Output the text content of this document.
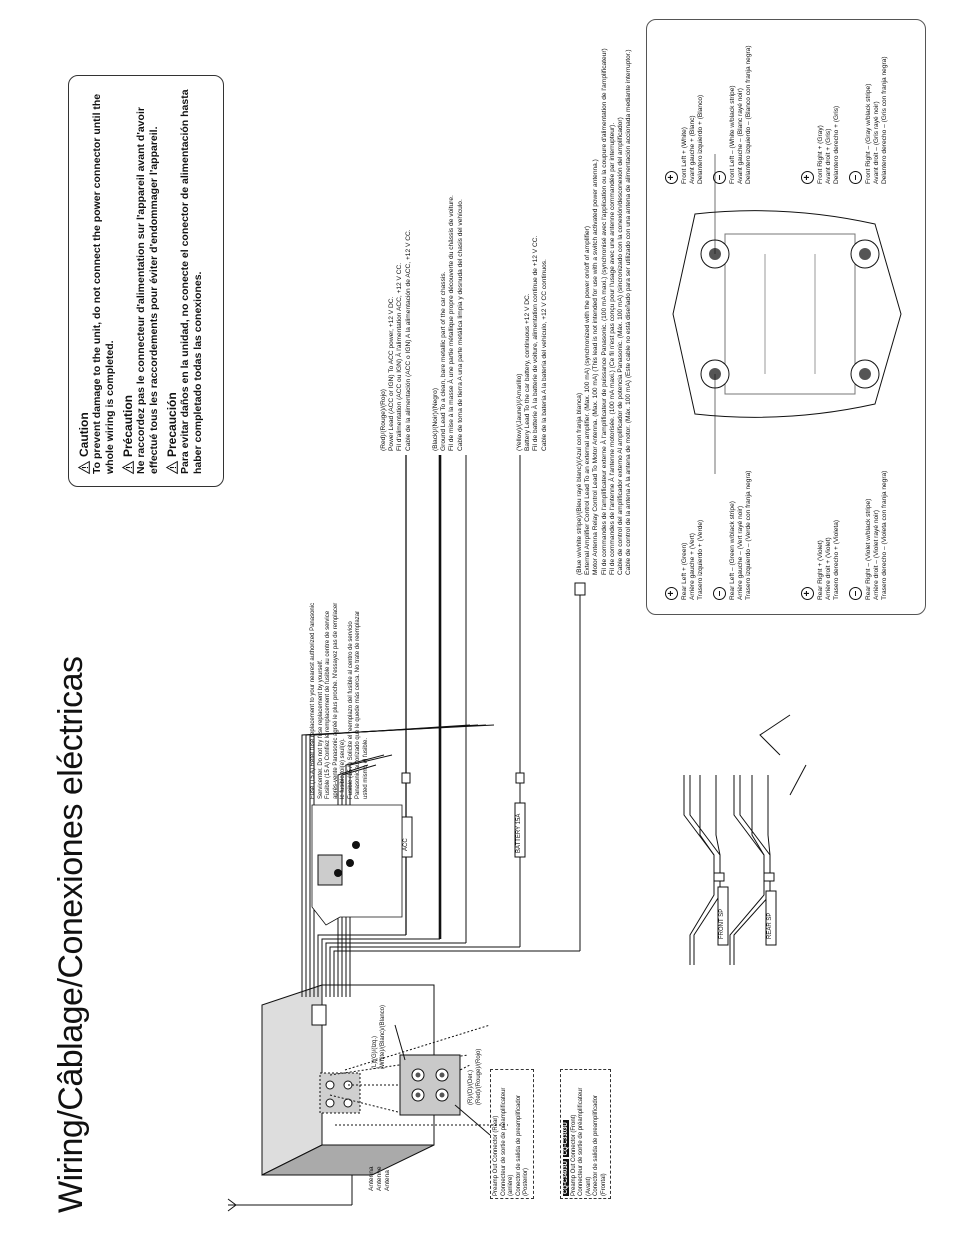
Wiring/Câblage/Conexiones eléctricas
!
Caution To prevent damage to the unit, do not connect the power connector until the whole wiring is completed. !
Précaution Ne raccordez pas le connecteur d'alimentation sur l'appareil avant d'avoir effectué tous les raccordements pour éviter d'endommager l'appareil. !
Precaución Para evitar daños en la unidad, no conecte el conector de alimentación hasta haber completado todas las conexiones.

Antenna Antenne Antena
(L)/(G)/(Izq.) (White)/(Blanc)/(Blanco)
(R)/(D)/(Der.) (Red)/(Rouge)/(Rojo)
Preamp Out Connector (Rear) Connecteur de sortie de préamplificateur (arrière) Conector de salida de preamplificador (Posterior)	CQ-C3403U CQ-C3303U Preamp Out Connector (Front) Connecteur de sortie de préamplificateur (Avant) Conector de salida de preamplificador (Frontal)
Fuse (15 A) Refer fuse replacement to your nearest authorized Panasonic Servicenter. Do not try fuse replacement by yourself. Fusible (15 A) Confiez le remplacement de fusible au centre de service après-vente Panasonic agréé le plus proche. N'essayez pas de remplacer le fusible toi(e) seul(e). Fusible (15 A) Solicite el reemplazo del fusible al centro de servicio Panasonic autorizado que le quede más cerca. No trate de reemplazar usted mismo el fusible.
ACC	BATTERY 15A
FRONT SP	REAR SP
(Red)/(Rouge)/(Rojo) Power Lead (ACC or IGN) To ACC power, +12 V DC. Fil d'alimentation (ACC ou IGN) À l'alimentation ACC, +12 V CC. Cable de la alimentación (ACC o IGN) A la alimentación de ACC, +12 V CC.	(Black)/(Noir)/(Negro) Ground Lead To a clean, bare metallic part of the car chassis. Fil de mise à la masse À une partie métallique propre découverte du châssis de voiture. Cable de toma de tierra A una parte metálica limpia y desnuda del chasis del vehículo.	(Yellow)/(Jaune)/(Amarillo) Battery Lead To the car battery, continuous +12 V DC. Fil de batterie À la batterie de voiture, alimentation continue de +12 V CC. Cable de la batería A la batería del vehículo, +12 V CC continuos.
(Blue w/white stripe)/(Bleu rayé blanc)/(Azul con franja blanca) External Amplifier Control Lead To an external amplifier. (Max. 100 mA) (synchronized with the power on/off of amplifier) Motor Antenna Relay Control Lead To Motor Antenna. (Max. 100 mA) (This lead is not intended for use with a switch activated power antenna.) Fil de commandes de l'amplificateur externe À l'amplificateur de puissance Panasonic. (100 mA maxi.) (synchronisé avec l'application ou la coupure d'alimentation de l'amplificateur) Fil de commandes de l'antenne À l'antenne motorisée. (100 mA maxi.) (Ce fil n'est pas conçu pour l'usage avec une antenne commandée par interrupteur). Cable de control del amplificador externo Al amplificador de potencia Panasonic. (Máx. 100 mA) (sincronizado con la conexión/desconexión del amplificador) Cable de control de la antena A la antena de motor. (Máx. 100 mA) (Este cable no está diseñado para ser utilizado con una antena de alimentación accionada mediante interruptor.)
+ Rear Left + (Green) Arrière gauche + (Vert) Trasero izquierdo + (Verde)	– Rear Left – (Green w/black stripe) Arrière gauche – (Vert rayé noir) Trasero izquierdo – (Verde con franja negra)	+ Rear Right + (Violet) Arrière droit + (Violet) Trasero derecho + (Violeta)	– Rear Right – (Violet w/black stripe) Arrière droit – (Violet rayé noir) Trasero derecho – (Violeta con franja negra)
+ Front Left + (White) Avant gauche + (Blanc) Delantero izquierdo + (Blanco)	– Front Left – (White w/black stripe) Avant gauche – (Blanc rayé noir) Delantero izquierdo – (Blanco con franja negra)	+ Front Right + (Gray) Avant droit + (Gris) Delantero derecho + (Gris)	– Front Right – (Gray w/black stripe) Avant droit – (Gris rayé noir) Delantero derecho – (Gris con franja negra)
